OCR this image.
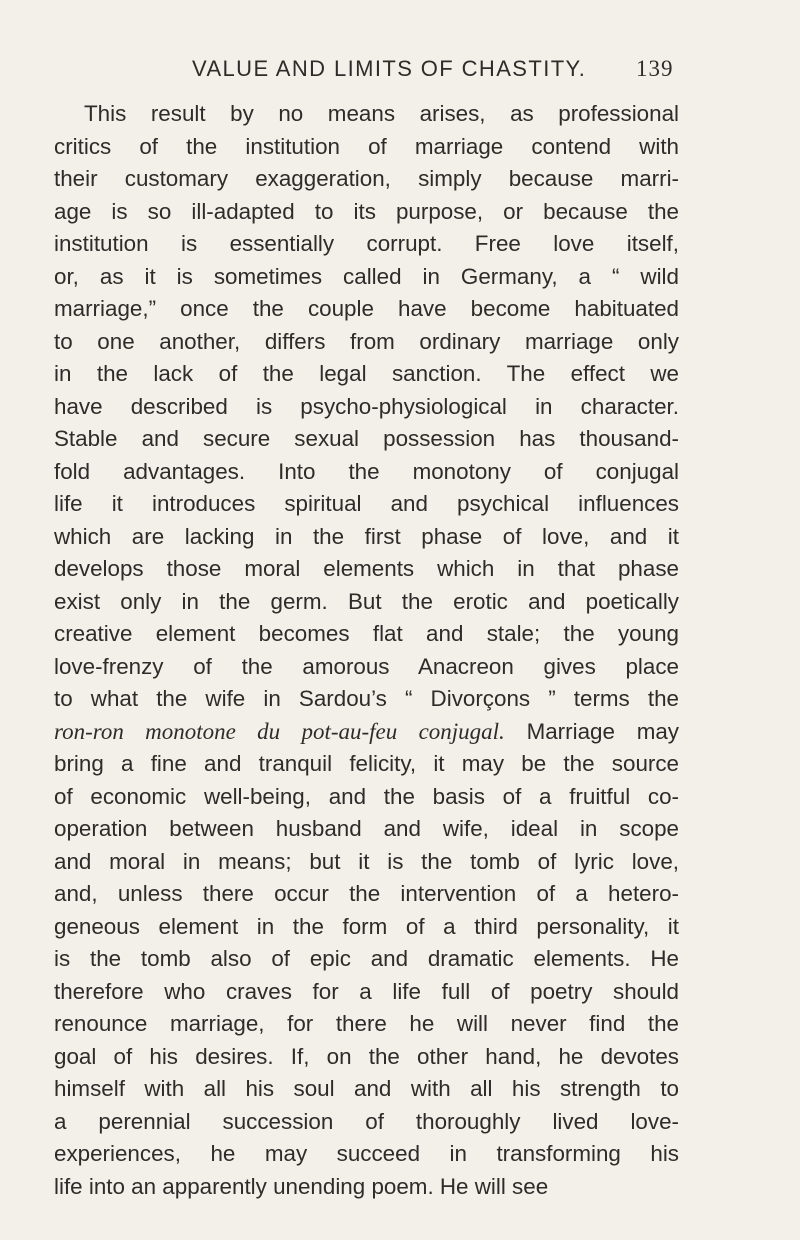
VALUE AND LIMITS OF CHASTITY. 139
This result by no means arises, as professional
critics of the institution of marriage contend with
their customary exaggeration, simply because marri-
age is so ill-adapted to its purpose, or because the
institution is essentially corrupt. Free love itself,
or, as it is sometimes called in Germany, a “ wild
marriage,” once the couple have become habituated
to one another, differs from ordinary marriage only
in the lack of the legal sanction. The effect we
have described is psycho-physiological in character.
Stable and secure sexual possession has thousand-
fold advantages. Into the monotony of conjugal
life it introduces spiritual and psychical influences
which are lacking in the first phase of love, and it
develops those moral elements which in that phase
exist only in the germ. But the erotic and poetically
creative element becomes flat and stale; the young
love-frenzy of the amorous Anacreon gives place
to what the wife in Sardou’s “ Divorçons ” terms the
ron-ron monotone du pot-au-feu conjugal. Marriage may
bring a fine and tranquil felicity, it may be the source
of economic well-being, and the basis of a fruitful co-
operation between husband and wife, ideal in scope
and moral in means; but it is the tomb of lyric love,
and, unless there occur the intervention of a hetero-
geneous element in the form of a third personality, it
is the tomb also of epic and dramatic elements. He
therefore who craves for a life full of poetry should
renounce marriage, for there he will never find the
goal of his desires. If, on the other hand, he devotes
himself with all his soul and with all his strength to
a perennial succession of thoroughly lived love-
experiences, he may succeed in transforming his
life into an apparently unending poem. He will see
